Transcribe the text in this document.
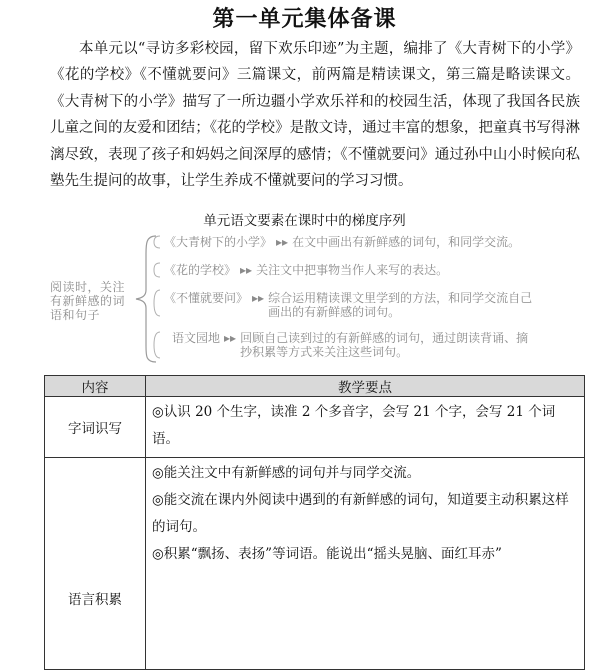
第一单元集体备课
本单元以“寻访多彩校园，留下欢乐印迹”为主题，编排了《大青树下的小学》《花的学校》《不懂就要问》三篇课文，前两篇是精读课文，第三篇是略读课文。《大青树下的小学》描写了一所边疆小学欢乐祥和的校园生活，体现了我国各民族儿童之间的友爱和团结；《花的学校》是散文诗，通过丰富的想象，把童真书写得淋漓尽致，表现了孩子和妈妈之间深厚的感情；《不懂就要问》通过孙中山小时候向私塾先生提问的故事，让学生养成不懂就要问的学习习惯。
单元语文要素在课时中的梯度序列
阅读时，关注有新鲜感的词语和句子
《大青树下的小学》 ▸▸ 在文中画出有新鲜感的词句，和同学交流。
《花的学校》 ▸▸ 关注文中把事物当作人来写的表达。
《不懂就要问》 ▸▸ 综合运用精读课文里学到的方法，和同学交流自己画出的有新鲜感的词句。
语文园地 ▸▸ 回顾自己读到过的有新鲜感的词句，通过朗读背诵、摘抄积累等方式来关注这些词句。
内容	教学要点
字词识写	◎认识 20 个生字，读准 2 个多音字，会写 21 个字，会写 21 个词语。

语言积累	◎能关注文中有新鲜感的词句并与同学交流。
◎能交流在课内外阅读中遇到的有新鲜感的词句，知道要主动积累这样的词句。
◎积累“飘扬、表扬”等词语。能说出“摇头晃脑、面红耳赤”
